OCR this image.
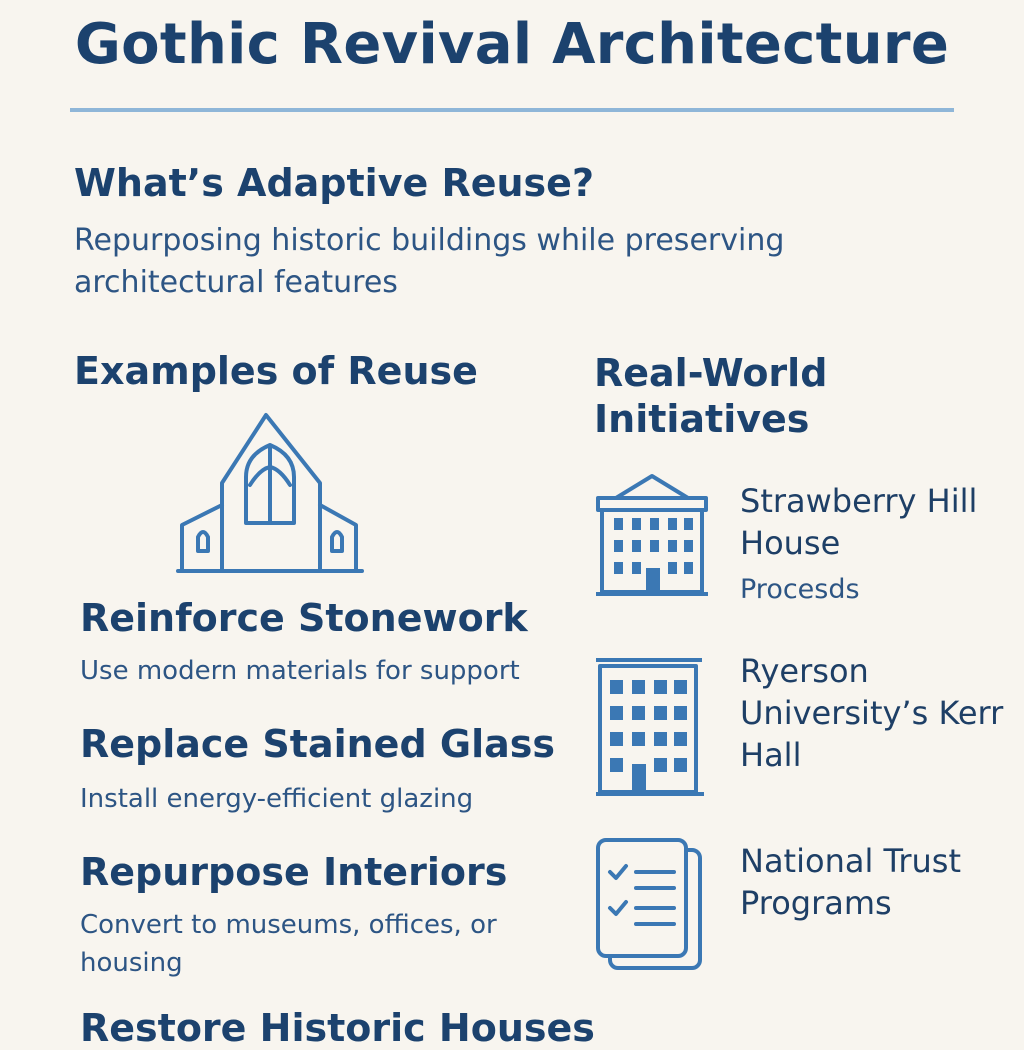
Gothic Revival Architecture
What’s Adaptive Reuse?

Repurposing historic buildings while preserving architectural features

Examples of Reuse
Reinforce Stonework

Use modern materials for support

Replace Stained Glass

Install energy-efficient glazing

Repurpose Interiors

Convert to museums, offices, or housing

Restore Historic Houses
Real-World Initiatives

Strawberry Hill House

Procesds

Ryerson University’s Kerr Hall

National Trust Programs
